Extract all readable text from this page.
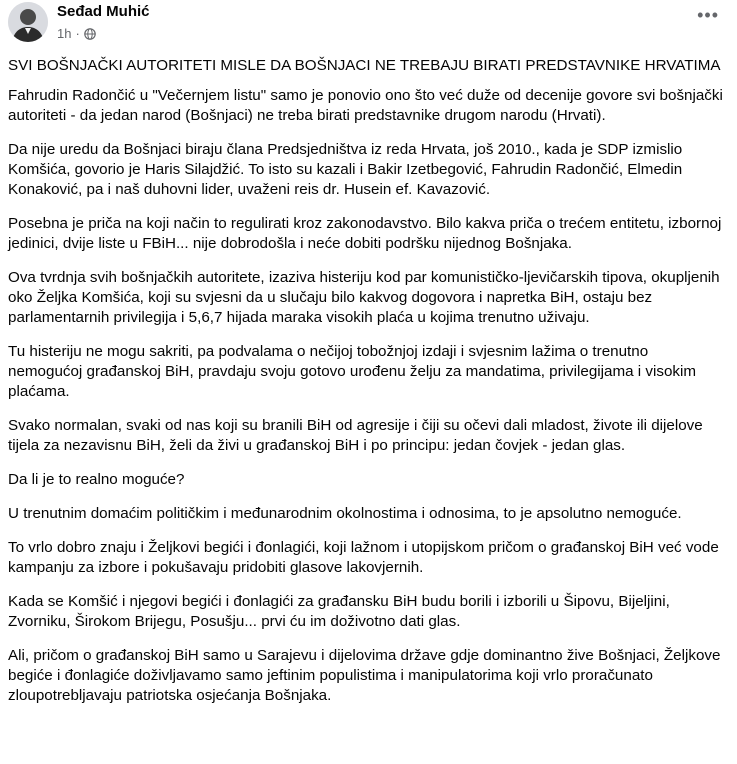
Seđad Muhić
1h ·
•••

SVI BOŠNJAČKI AUTORITETI MISLE DA BOŠNJACI NE TREBAJU BIRATI PREDSTAVNIKE HRVATIMA

Fahrudin Radončić u "Večernjem listu" samo je ponovio ono što već duže od decenije govore svi bošnjački autoriteti - da jedan narod (Bošnjaci) ne treba birati predstavnike drugom narodu (Hrvati).

Da nije uredu da Bošnjaci biraju člana Predsjedništva iz reda Hrvata, još 2010., kada je SDP izmislio Komšića, govorio je Haris Silajdžić. To isto su kazali i Bakir Izetbegović, Fahrudin Radončić, Elmedin Konaković, pa i naš duhovni lider, uvaženi reis dr. Husein ef. Kavazović.

Posebna je priča na koji način to regulirati kroz zakonodavstvo. Bilo kakva priča o trećem entitetu, izbornoj jedinici, dvije liste u FBiH... nije dobrodošla i neće dobiti podršku nijednog Bošnjaka.

Ova tvrdnja svih bošnjačkih autoritete, izaziva histeriju kod par komunističko-ljevičarskih tipova, okupljenih oko Željka Komšića, koji su svjesni da u slučaju bilo kakvog dogovora i napretka BiH, ostaju bez parlamentarnih privilegija i 5,6,7 hijada maraka visokih plaća u kojima trenutno uživaju.

Tu histeriju ne mogu sakriti, pa podvalama o nečijoj tobožnjoj izdaji i svjesnim lažima o trenutno nemogućoj građanskoj BiH, pravdaju svoju gotovo urođenu želju za mandatima, privilegijama i visokim plaćama.

Svako normalan, svaki od nas koji su branili BiH od agresije i čiji su očevi dali mladost, živote ili dijelove tijela za nezavisnu BiH, želi da živi u građanskoj BiH i po principu: jedan čovjek - jedan glas.

Da li je to realno moguće?

U trenutnim domaćim političkim i međunarodnim okolnostima i odnosima, to je apsolutno nemoguće.

To vrlo dobro znaju i Željkovi begići i đonlagići, koji lažnom i utopijskom pričom o građanskoj BiH već vode kampanju za izbore i pokušavaju pridobiti glasove lakovjernih.

Kada se Komšić i njegovi begići i đonlagići za građansku BiH budu borili i izborili u Šipovu, Bijeljini, Zvorniku, Širokom Brijegu, Posušju... prvi ću im doživotno dati glas.

Ali, pričom o građanskoj BiH samo u Sarajevu i dijelovima države gdje dominantno žive Bošnjaci, Željkove begiće i đonlagiće doživljavamo samo jeftinim populistima i manipulatorima koji vrlo proračunato zloupotrebljavaju patriotska osjećanja Bošnjaka.
